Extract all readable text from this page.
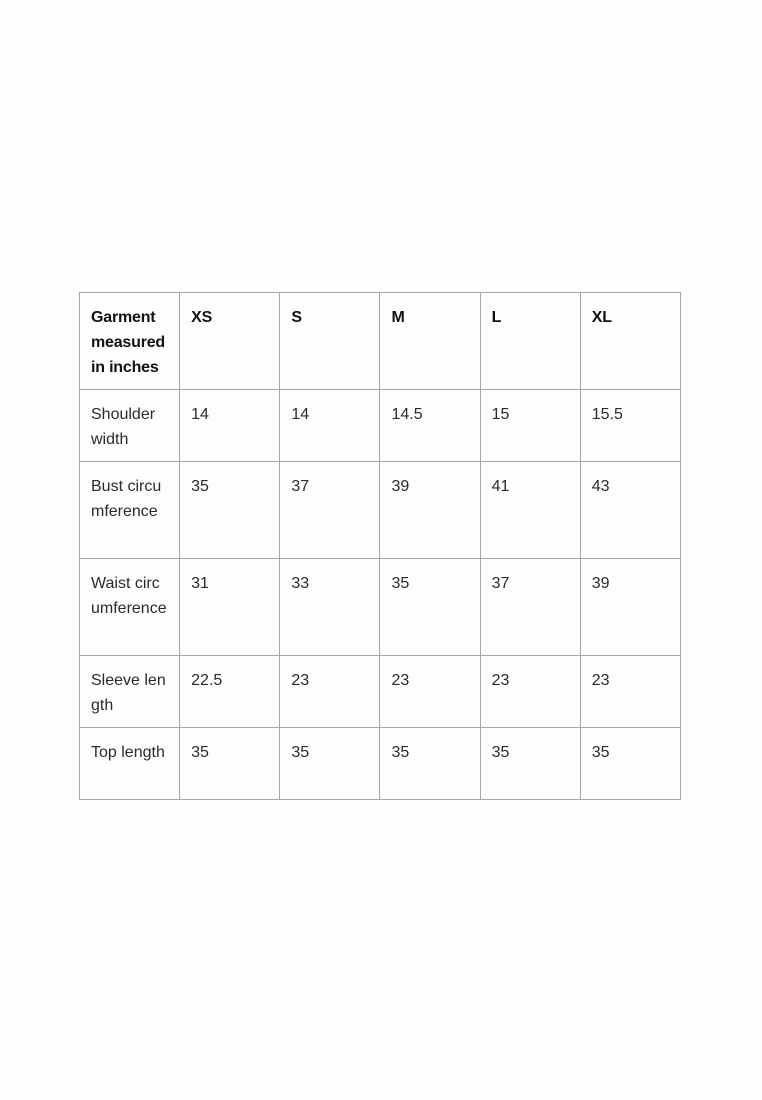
Garment measured in inches	XS	S	M	L	XL
Shoulder width	14	14	14.5	15	15.5
Bust circumference	35	37	39	41	43
Waist circumference	31	33	35	37	39
Sleeve length	22.5	23	23	23	23
Top length	35	35	35	35	35
